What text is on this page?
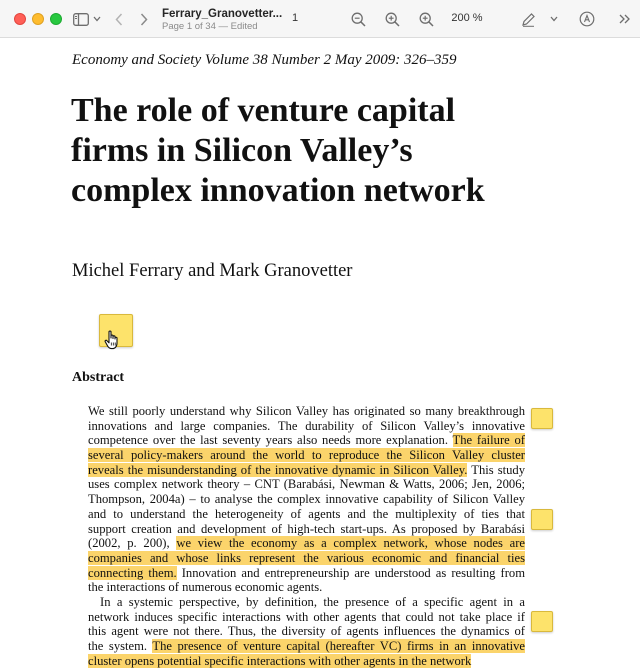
Ferrary_Granovetter...
Page 1 of 34 — Edited
1	200 %
Economy and Society Volume 38 Number 2 May 2009: 326–359
The role of venture capital
firms in Silicon Valley’s
complex innovation network
Michel Ferrary and Mark Granovetter
Abstract
We still poorly understand why Silicon Valley has originated so many breakthrough
innovations and large companies. The durability of Silicon Valley’s innovative
competence over the last seventy years also needs more explanation. The failure of
several policy-makers around the world to reproduce the Silicon Valley cluster
reveals the misunderstanding of the innovative dynamic in Silicon Valley. This study
uses complex network theory – CNT (Barabási, Newman & Watts, 2006; Jen, 2006;
Thompson, 2004a) – to analyse the complex innovative capability of Silicon Valley
and to understand the heterogeneity of agents and the multiplexity of ties that
support creation and development of high-tech start-ups. As proposed by Barabási
(2002, p. 200), we view the economy as a complex network, whose nodes are
companies and whose links represent the various economic and financial ties
connecting them. Innovation and entrepreneurship are understood as resulting from
the interactions of numerous economic agents.
In a systemic perspective, by definition, the presence of a specific agent in a
network induces specific interactions with other agents that could not take place if
this agent were not there. Thus, the diversity of agents influences the dynamics of
the system. The presence of venture capital (hereafter VC) firms in an innovative
cluster opens potential specific interactions with other agents in the network
